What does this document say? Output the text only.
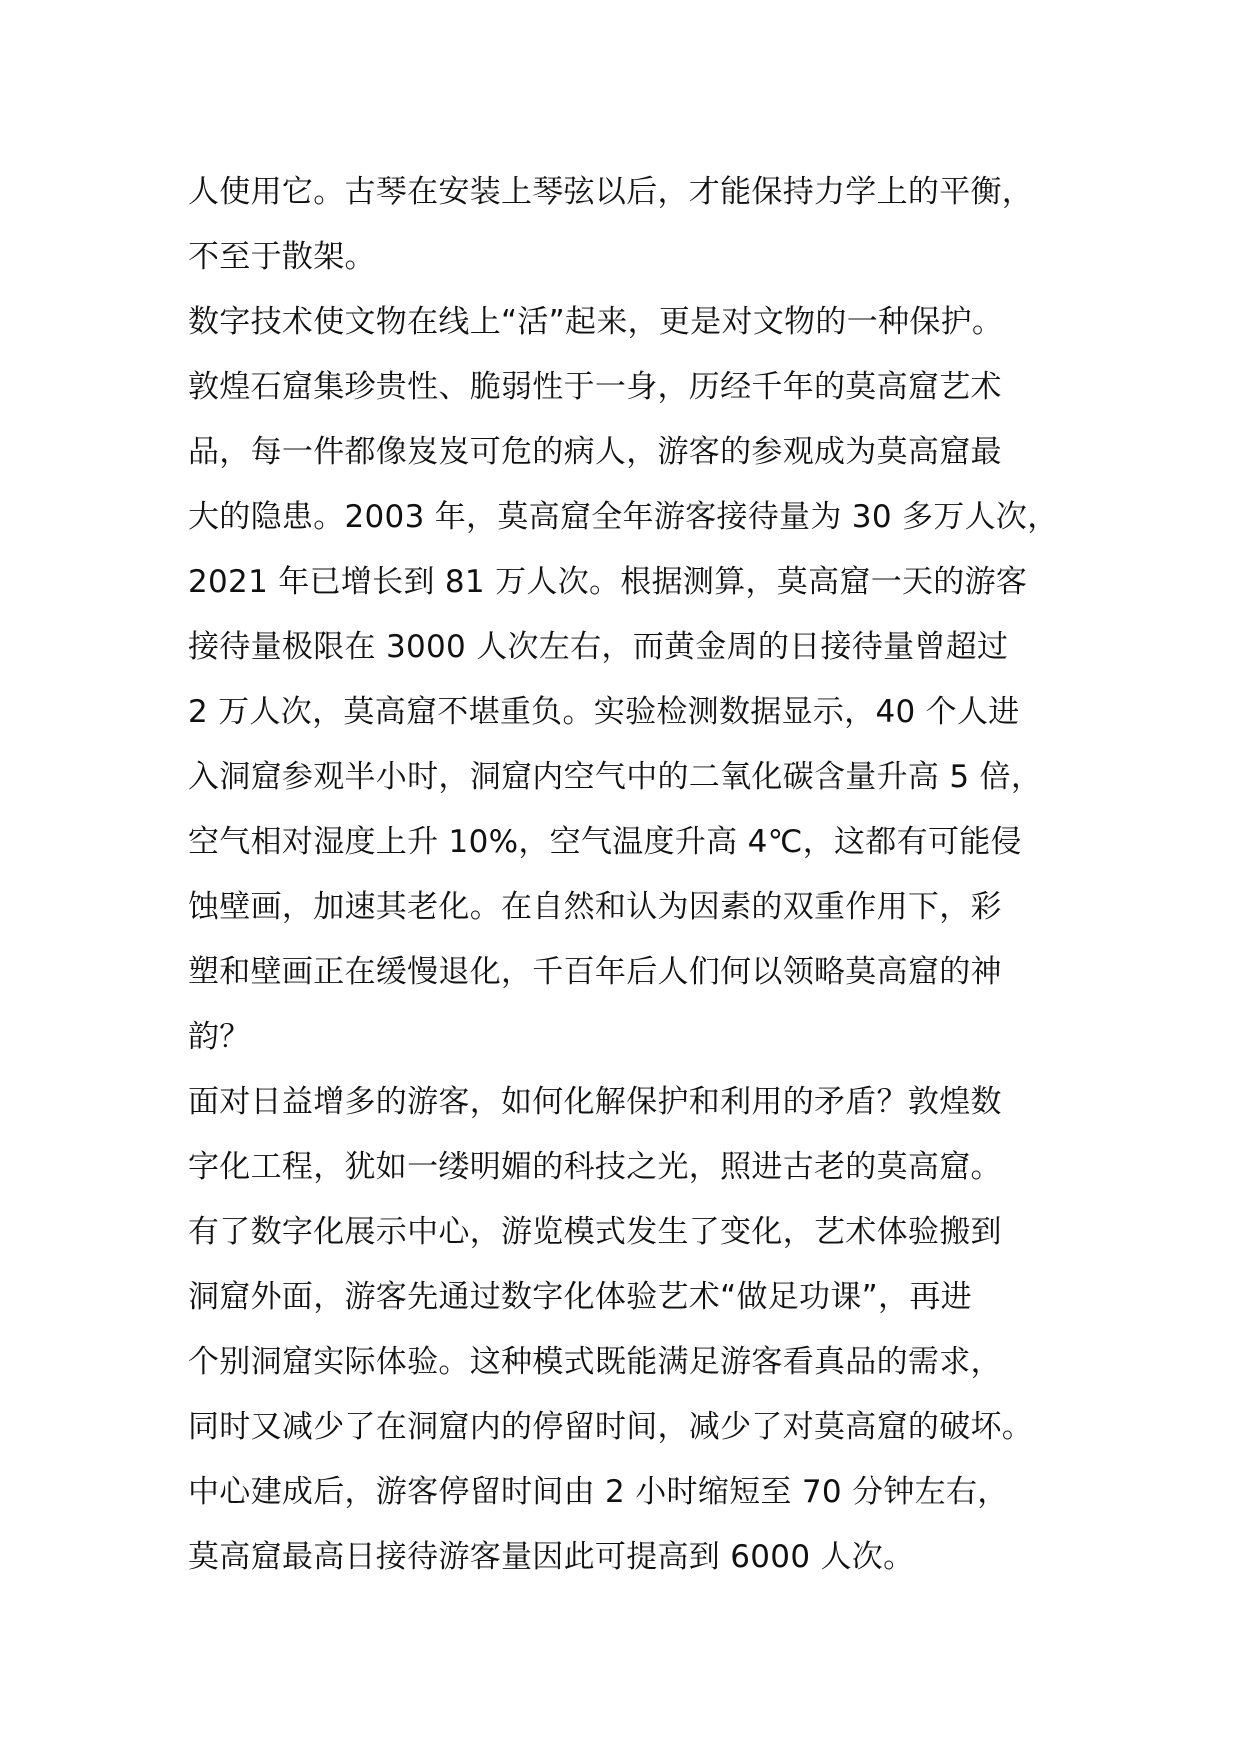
人使用它。古琴在安装上琴弦以后，才能保持力学上的平衡，
不至于散架。
数字技术使文物在线上“活”起来，更是对文物的一种保护。
敦煌石窟集珍贵性、脆弱性于一身，历经千年的莫高窟艺术
品，每一件都像岌岌可危的病人，游客的参观成为莫高窟最
大的隐患。2003 年，莫高窟全年游客接待量为 30 多万人次，
2021 年已增长到 81 万人次。根据测算，莫高窟一天的游客
接待量极限在 3000 人次左右，而黄金周的日接待量曾超过
2 万人次，莫高窟不堪重负。实验检测数据显示，40 个人进
入洞窟参观半小时，洞窟内空气中的二氧化碳含量升高 5 倍，
空气相对湿度上升 10%，空气温度升高 4℃，这都有可能侵
蚀壁画，加速其老化。在自然和认为因素的双重作用下，彩
塑和壁画正在缓慢退化，千百年后人们何以领略莫高窟的神
韵？
面对日益增多的游客，如何化解保护和利用的矛盾？敦煌数
字化工程，犹如一缕明媚的科技之光，照进古老的莫高窟。
有了数字化展示中心，游览模式发生了变化，艺术体验搬到
洞窟外面，游客先通过数字化体验艺术“做足功课”，再进
个别洞窟实际体验。这种模式既能满足游客看真品的需求，
同时又减少了在洞窟内的停留时间，减少了对莫高窟的破坏。
中心建成后，游客停留时间由 2 小时缩短至 70 分钟左右，
莫高窟最高日接待游客量因此可提高到 6000 人次。
